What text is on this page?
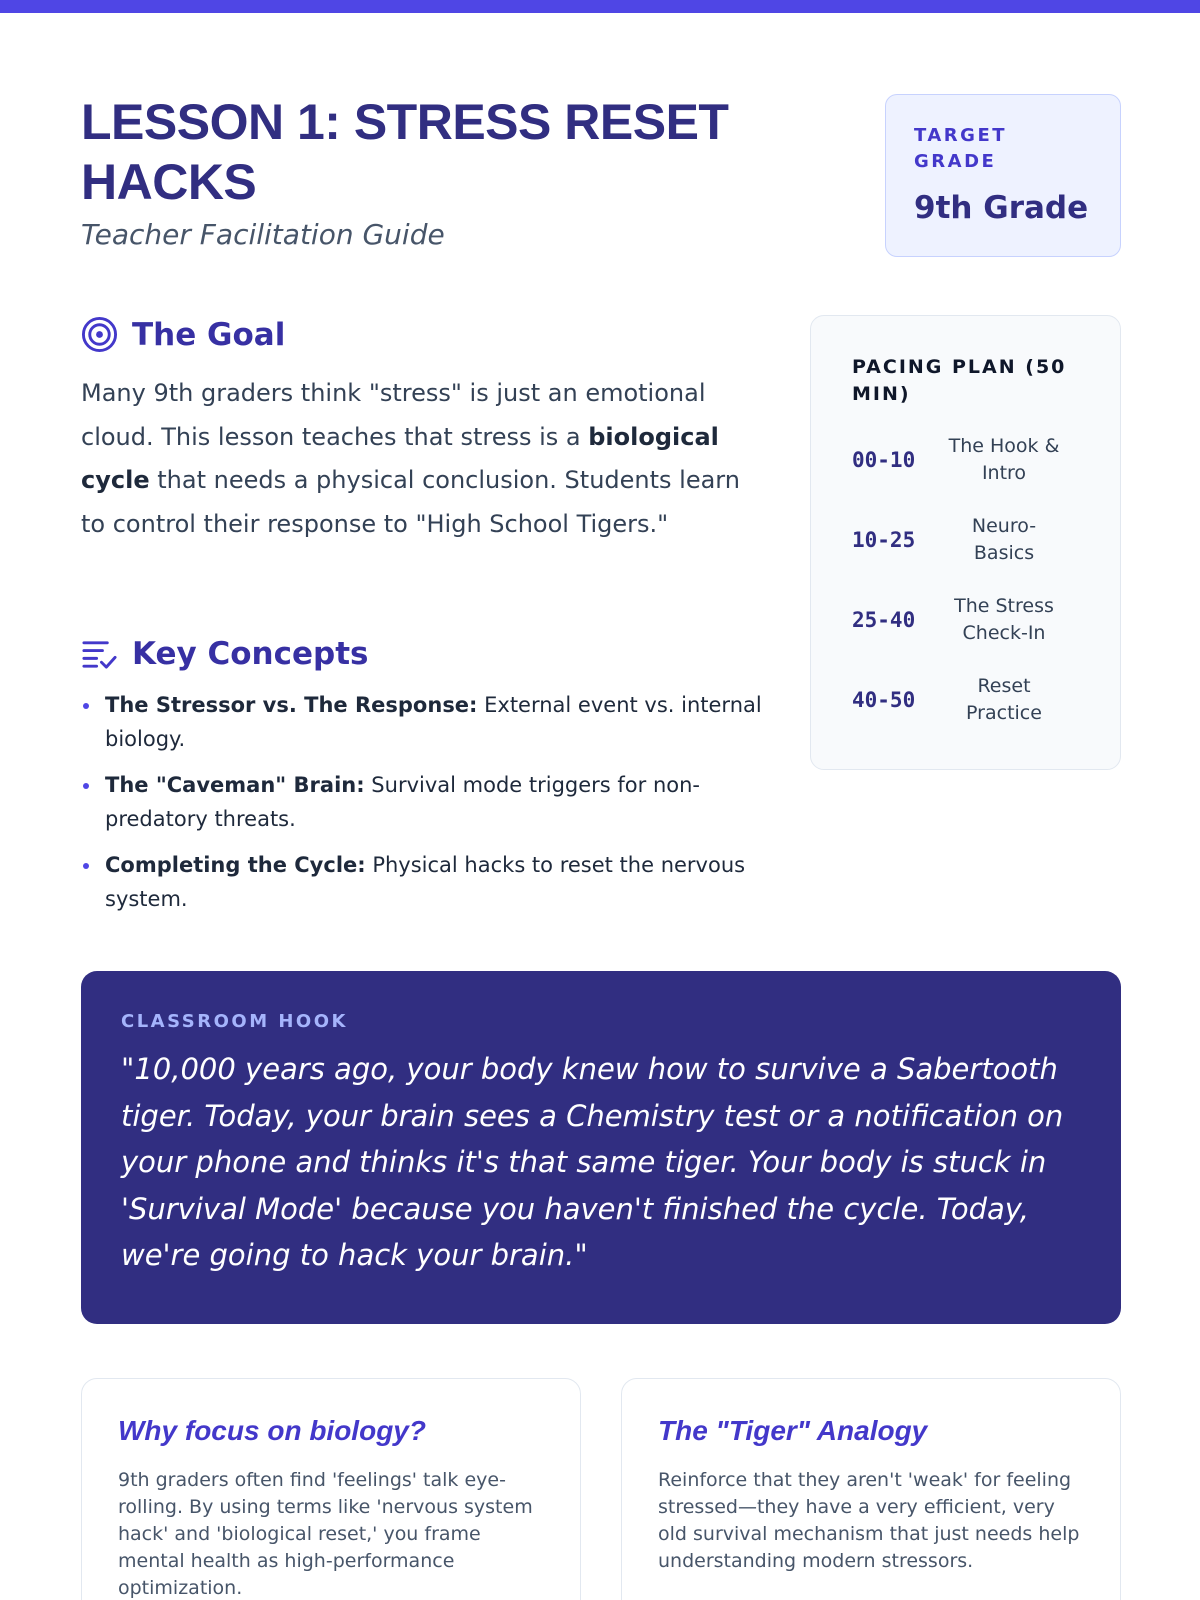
LESSON 1: STRESS RESET HACKS
Teacher Facilitation Guide
TARGET GRADE
9th Grade
The Goal

Many 9th graders think "stress" is just an emotional cloud. This lesson teaches that stress is a biological cycle that needs a physical conclusion. Students learn to control their response to "High School Tigers."

Key Concepts
The Stressor vs. The Response: External event vs. internal biology.
The "Caveman" Brain: Survival mode triggers for non-predatory threats.
Completing the Cycle: Physical hacks to reset the nervous system.
PACING PLAN (50 MIN)
00-10
The Hook & Intro
10-25
Neuro-Basics
25-40
The Stress Check-In
40-50
Reset Practice
CLASSROOM HOOK

"10,000 years ago, your body knew how to survive a Sabertooth tiger. Today, your brain sees a Chemistry test or a notification on your phone and thinks it's that same tiger. Your body is stuck in 'Survival Mode' because you haven't finished the cycle. Today, we're going to hack your brain."

Why focus on biology?

9th graders often find 'feelings' talk eye-rolling. By using terms like 'nervous system hack' and 'biological reset,' you frame mental health as high-performance optimization.

The "Tiger" Analogy

Reinforce that they aren't 'weak' for feeling stressed—they have a very efficient, very old survival mechanism that just needs help understanding modern stressors.
